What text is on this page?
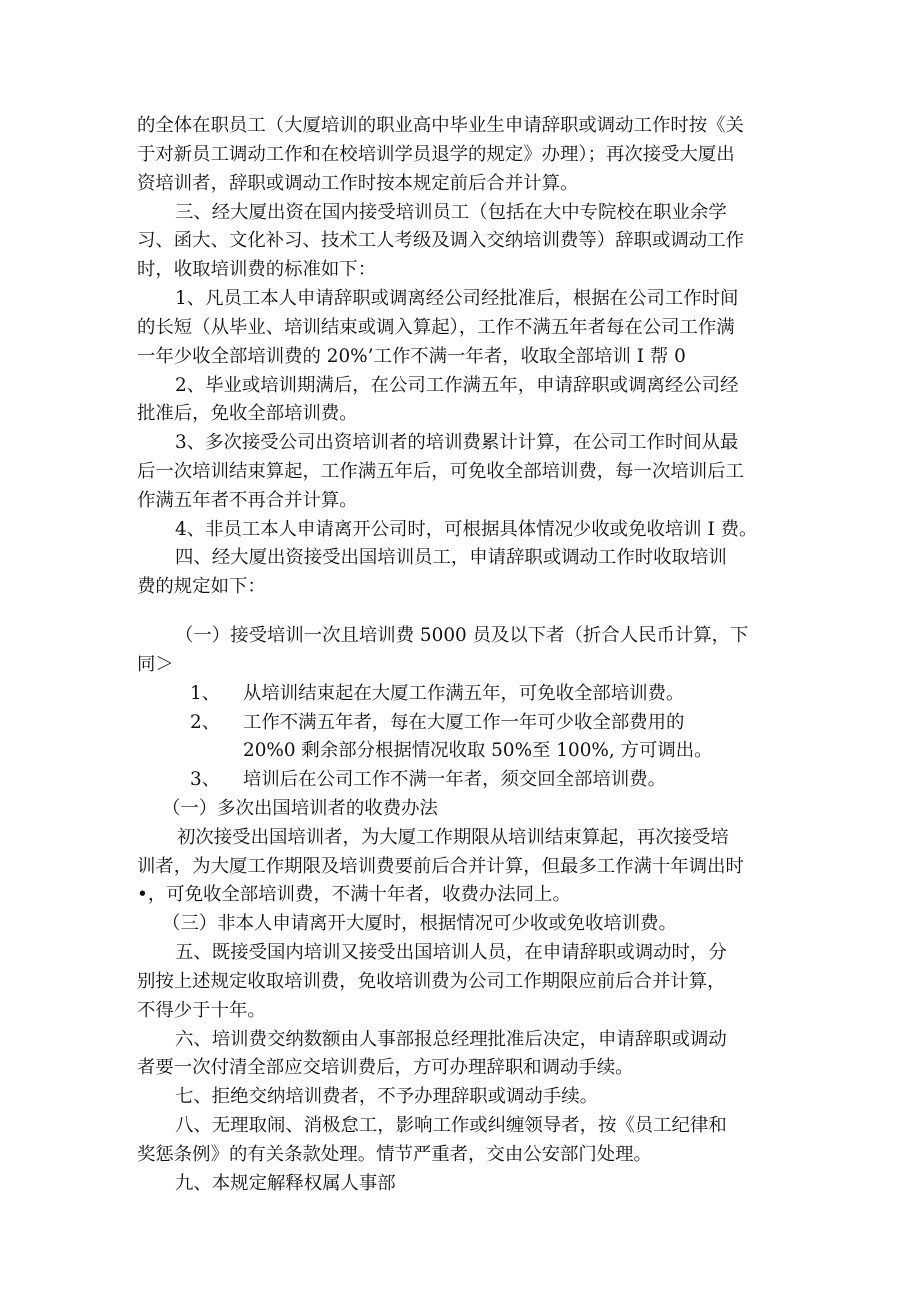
的全体在职员工（大厦培训的职业高中毕业生申请辞职或调动工作时按《关
于对新员工调动工作和在校培训学员退学的规定》办理）；再次接受大厦出
资培训者，辞职或调动工作时按本规定前后合并计算。
三、经大厦出资在国内接受培训员工（包括在大中专院校在职业余学
习、函大、文化补习、技术工人考级及调入交纳培训费等）辞职或调动工作
时，收取培训费的标准如下：
1、凡员工本人申请辞职或调离经公司经批准后，根据在公司工作时间
的长短（从毕业、培训结束或调入算起），工作不满五年者每在公司工作满
一年少收全部培训费的 20%’工作不满一年者，收取全部培训 I 帮 0
2、毕业或培训期满后，在公司工作满五年，申请辞职或调离经公司经
批准后，免收全部培训费。
3、多次接受公司出资培训者的培训费累计计算，在公司工作时间从最
后一次培训结束算起，工作满五年后，可免收全部培训费，每一次培训后工
作满五年者不再合并计算。
4、非员工本人申请离开公司时，可根据具体情况少收或免收培训 I 费。
四、经大厦出资接受出国培训员工，申请辞职或调动工作时收取培训
费的规定如下：
（一）接受培训一次且培训费 5000 员及以下者（折合人民币计算，下
同＞
1、 从培训结束起在大厦工作满五年，可免收全部培训费。
2、 工作不满五年者，每在大厦工作一年可少收全部费用的
20%0 剩余部分根据情况收取 50%至 100%, 方可调出。
3、 培训后在公司工作不满一年者，须交回全部培训费。
（一）多次出国培训者的收费办法
初次接受出国培训者，为大厦工作期限从培训结束算起，再次接受培
训者，为大厦工作期限及培训费要前后合并计算，但最多工作满十年调出时
•，可免收全部培训费，不满十年者，收费办法同上。
（三）非本人申请离开大厦时，根据情况可少收或免收培训费。
五、既接受国内培训又接受出国培训人员，在申请辞职或调动时，分
别按上述规定收取培训费，免收培训费为公司工作期限应前后合并计算，
不得少于十年。
六、培训费交纳数额由人事部报总经理批准后决定，申请辞职或调动
者要一次付清全部应交培训费后，方可办理辞职和调动手续。
七、拒绝交纳培训费者，不予办理辞职或调动手续。
八、无理取闹、消极怠工，影响工作或纠缠领导者，按《员工纪律和
奖惩条例》的有关条款处理。情节严重者，交由公安部门处理。
九、本规定解释权属人事部
